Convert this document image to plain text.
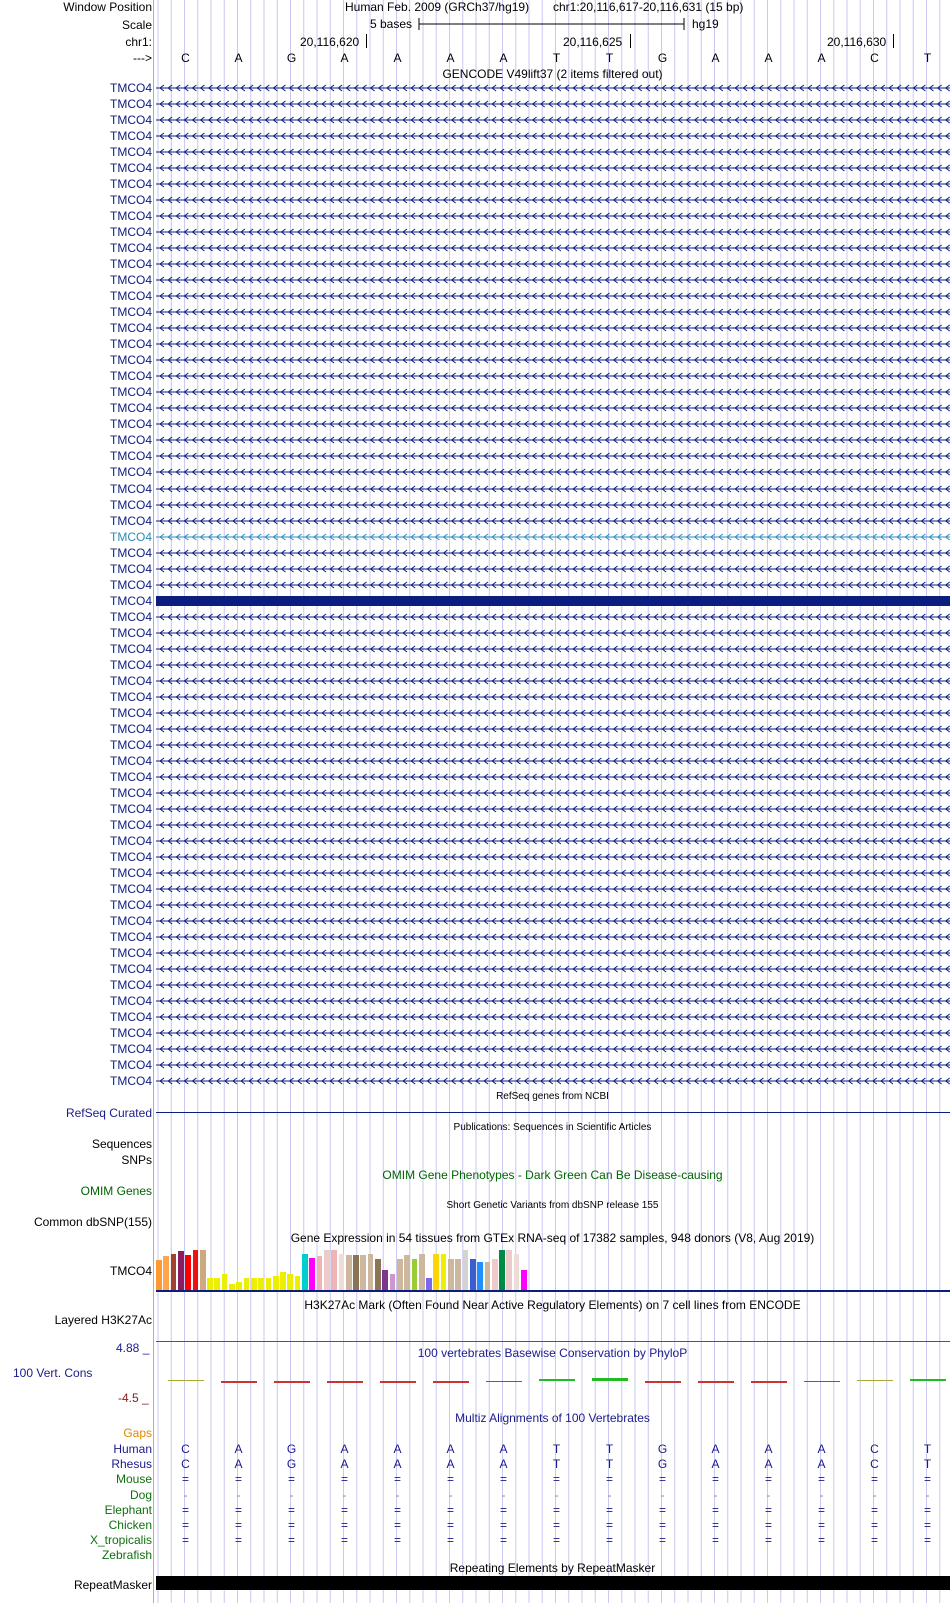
Window Position	Human Feb. 2009 (GRCh37/hg19) chr1:20,116,617-20,116,631 (15 bp)
Scale	5 bases	hg19
chr1:	20,116,620	20,116,625	20,116,630
--->	C	A	G	A	A	A	A	T	T	G	A	A	A	C	T
GENCODE V49lift37 (2 items filtered out)
TMCO4
TMCO4
TMCO4
TMCO4
TMCO4
TMCO4
TMCO4
TMCO4
TMCO4
TMCO4
TMCO4
TMCO4
TMCO4
TMCO4
TMCO4
TMCO4
TMCO4
TMCO4
TMCO4
TMCO4
TMCO4
TMCO4
TMCO4
TMCO4
TMCO4
TMCO4
TMCO4
TMCO4
TMCO4
TMCO4
TMCO4
TMCO4
TMCO4
TMCO4
TMCO4
TMCO4
TMCO4
TMCO4
TMCO4
TMCO4
TMCO4
TMCO4
TMCO4
TMCO4
TMCO4
TMCO4
TMCO4
TMCO4
TMCO4
TMCO4
TMCO4
TMCO4
TMCO4
TMCO4
TMCO4
TMCO4
TMCO4
TMCO4
TMCO4
TMCO4
TMCO4
TMCO4
TMCO4
RefSeq genes from NCBI
RefSeq Curated
Publications: Sequences in Scientific Articles
Sequences
SNPs
OMIM Gene Phenotypes - Dark Green Can Be Disease-causing
OMIM Genes
Short Genetic Variants from dbSNP release 155
Common dbSNP(155)
Gene Expression in 54 tissues from GTEx RNA-seq of 17382 samples, 948 donors (V8, Aug 2019)
TMCO4
H3K27Ac Mark (Often Found Near Active Regulatory Elements) on 7 cell lines from ENCODE
Layered H3K27Ac
100 vertebrates Basewise Conservation by PhyloP
4.88 _
100 Vert. Cons
-4.5 _
Multiz Alignments of 100 Vertebrates
Gaps
Human	C	A	G	A	A	A	A	T	T	G	A	A	A	C	T
Rhesus	C	A	G	A	A	A	A	T	T	G	A	A	A	C	T
Mouse	=	=	=	=	=	=	=	=	=	=	=	=	=	=	=
Dog	-	-	-	-	-	-	-	-	-	-	-	-	-	-	-
Elephant	=	=	=	=	=	=	=	=	=	=	=	=	=	=	=
Chicken	=	=	=	=	=	=	=	=	=	=	=	=	=	=	=
X_tropicalis	=	=	=	=	=	=	=	=	=	=	=	=	=	=	=
Zebrafish
Repeating Elements by RepeatMasker
RepeatMasker
